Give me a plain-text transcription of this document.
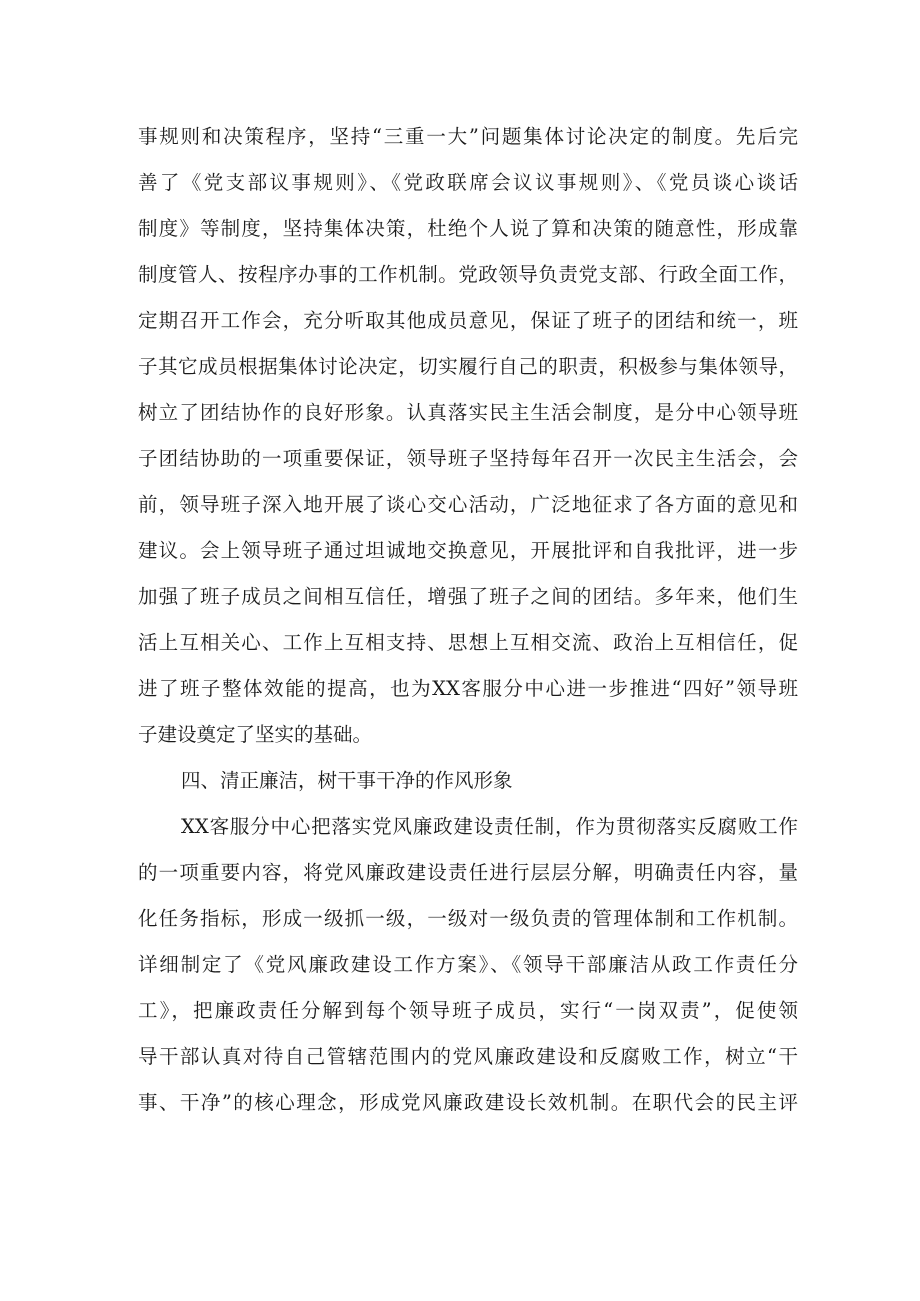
事规则和决策程序，坚持“三重一大”问题集体讨论决定的制度。先后完
善了《党支部议事规则》、《党政联席会议议事规则》、《党员谈心谈话
制度》等制度，坚持集体决策，杜绝个人说了算和决策的随意性，形成靠
制度管人、按程序办事的工作机制。党政领导负责党支部、行政全面工作，
定期召开工作会，充分听取其他成员意见，保证了班子的团结和统一，班
子其它成员根据集体讨论决定，切实履行自己的职责，积极参与集体领导，
树立了团结协作的良好形象。认真落实民主生活会制度，是分中心领导班
子团结协助的一项重要保证，领导班子坚持每年召开一次民主生活会，会
前，领导班子深入地开展了谈心交心活动，广泛地征求了各方面的意见和
建议。会上领导班子通过坦诚地交换意见，开展批评和自我批评，进一步
加强了班子成员之间相互信任，增强了班子之间的团结。多年来，他们生
活上互相关心、工作上互相支持、思想上互相交流、政治上互相信任，促
进了班子整体效能的提高，也为XX客服分中心进一步推进“四好”领导班
子建设奠定了坚实的基础。
四、清正廉洁，树干事干净的作风形象
XX客服分中心把落实党风廉政建设责任制，作为贯彻落实反腐败工作
的一项重要内容，将党风廉政建设责任进行层层分解，明确责任内容，量
化任务指标，形成一级抓一级，一级对一级负责的管理体制和工作机制。
详细制定了《党风廉政建设工作方案》、《领导干部廉洁从政工作责任分
工》，把廉政责任分解到每个领导班子成员，实行“一岗双责”，促使领
导干部认真对待自己管辖范围内的党风廉政建设和反腐败工作，树立“干
事、干净”的核心理念，形成党风廉政建设长效机制。在职代会的民主评
